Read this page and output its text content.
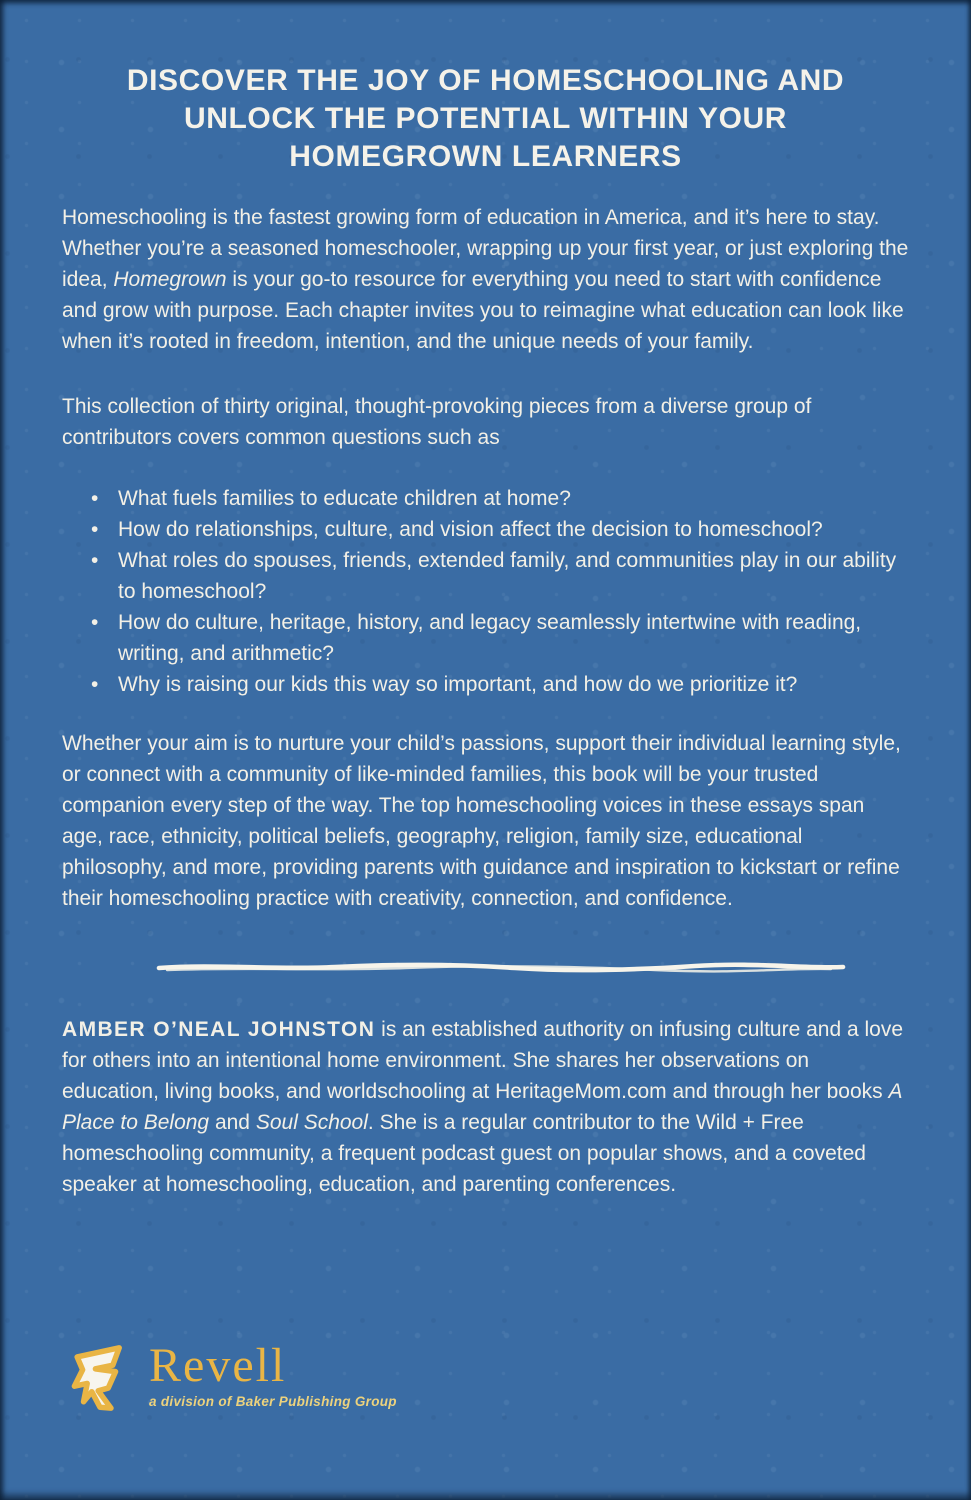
DISCOVER THE JOY OF HOMESCHOOLING AND
UNLOCK THE POTENTIAL WITHIN YOUR
HOMEGROWN LEARNERS

Homeschooling is the fastest growing form of education in America, and it’s here to stay. Whether you’re a seasoned homeschooler, wrapping up your first year, or just exploring the idea, Homegrown is your go-to resource for everything you need to start with confidence and grow with purpose. Each chapter invites you to reimagine what education can look like when it’s rooted in freedom, intention, and the unique needs of your family.

This collection of thirty original, thought-provoking pieces from a diverse group of contributors covers common questions such as

• What fuels families to educate children at home?
• How do relationships, culture, and vision affect the decision to homeschool?
• What roles do spouses, friends, extended family, and communities play in our ability to homeschool?
• How do culture, heritage, history, and legacy seamlessly intertwine with reading, writing, and arithmetic?
• Why is raising our kids this way so important, and how do we prioritize it?

Whether your aim is to nurture your child’s passions, support their individual learning style, or connect with a community of like-minded families, this book will be your trusted companion every step of the way. The top homeschooling voices in these essays span age, race, ethnicity, political beliefs, geography, religion, family size, educational philosophy, and more, providing parents with guidance and inspiration to kickstart or refine their homeschooling practice with creativity, connection, and confidence.

AMBER O’NEAL JOHNSTON is an established authority on infusing culture and a love for others into an intentional home environment. She shares her observations on education, living books, and worldschooling at HeritageMom.com and through her books A Place to Belong and Soul School. She is a regular contributor to the Wild + Free homeschooling community, a frequent podcast guest on popular shows, and a coveted speaker at homeschooling, education, and parenting conferences.

Revell
a division of Baker Publishing Group
